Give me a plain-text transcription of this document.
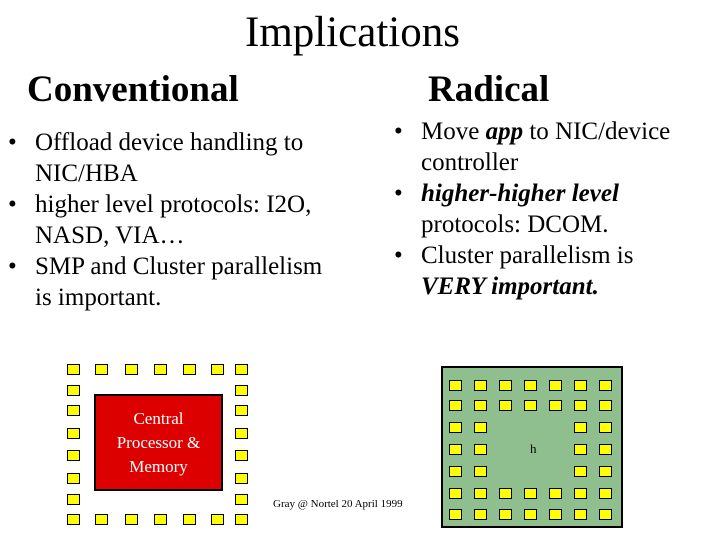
Implications
Conventional	Radical
• Offload device handling to NIC/HBA
• higher level protocols: I2O, NASD, VIA…
• SMP and Cluster parallelism is important.
• Move app to NIC/device controller
• higher-higher level protocols: DCOM.
• Cluster parallelism is VERY important.
Central
Processor &
Memory
h
Gray @ Nortel 20 April 1999
